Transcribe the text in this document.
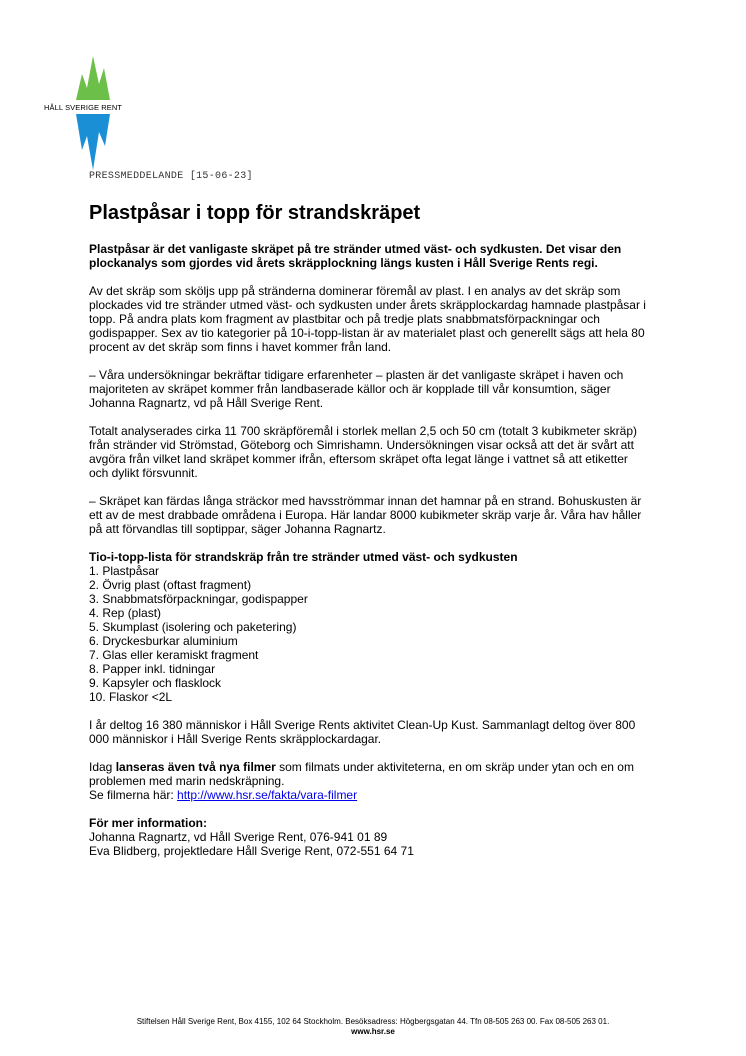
HÅLL SVERIGE RENT
PRESSMEDDELANDE [15-06-23]
Plastpåsar i topp för strandskräpet

Plastpåsar är det vanligaste skräpet på tre stränder utmed väst- och sydkusten. Det visar den plockanalys som gjordes vid årets skräpplockning längs kusten i Håll Sverige Rents regi.

Av det skräp som sköljs upp på stränderna dominerar föremål av plast. I en analys av det skräp som plockades vid tre stränder utmed väst- och sydkusten under årets skräpplockardag hamnade plastpåsar i topp. På andra plats kom fragment av plastbitar och på tredje plats snabbmatsförpackningar och godispapper. Sex av tio kategorier på 10-i-topp-listan är av materialet plast och generellt sägs att hela 80 procent av det skräp som finns i havet kommer från land.

– Våra undersökningar bekräftar tidigare erfarenheter – plasten är det vanligaste skräpet i haven och majoriteten av skräpet kommer från landbaserade källor och är kopplade till vår konsumtion, säger Johanna Ragnartz, vd på Håll Sverige Rent.

Totalt analyserades cirka 11 700 skräpföremål i storlek mellan 2,5 och 50 cm (totalt 3 kubikmeter skräp) från stränder vid Strömstad, Göteborg och Simrishamn. Undersökningen visar också att det är svårt att avgöra från vilket land skräpet kommer ifrån, eftersom skräpet ofta legat länge i vattnet så att etiketter och dylikt försvunnit.

– Skräpet kan färdas långa sträckor med havsströmmar innan det hamnar på en strand. Bohuskusten är ett av de mest drabbade områdena i Europa. Här landar 8000 kubikmeter skräp varje år. Våra hav håller på att förvandlas till soptippar, säger Johanna Ragnartz.

Tio-i-topp-lista för strandskräp från tre stränder utmed väst- och sydkusten
1. Plastpåsar
2. Övrig plast (oftast fragment)
3. Snabbmatsförpackningar, godispapper
4. Rep (plast)
5. Skumplast (isolering och paketering)
6. Dryckesburkar aluminium
7. Glas eller keramiskt fragment
8. Papper inkl. tidningar
9. Kapsyler och flasklock
10. Flaskor <2L

I år deltog 16 380 människor i Håll Sverige Rents aktivitet Clean-Up Kust. Sammanlagt deltog över 800 000 människor i Håll Sverige Rents skräpplockardagar.

Idag lanseras även två nya filmer som filmats under aktiviteterna, en om skräp under ytan och en om problemen med marin nedskräpning.
Se filmerna här: http://www.hsr.se/fakta/vara-filmer

För mer information:
Johanna Ragnartz, vd Håll Sverige Rent, 076-941 01 89
Eva Blidberg, projektledare Håll Sverige Rent, 072-551 64 71
Stiftelsen Håll Sverige Rent, Box 4155, 102 64 Stockholm. Besöksadress: Högbergsgatan 44. Tfn 08-505 263 00. Fax 08-505 263 01.
www.hsr.se
